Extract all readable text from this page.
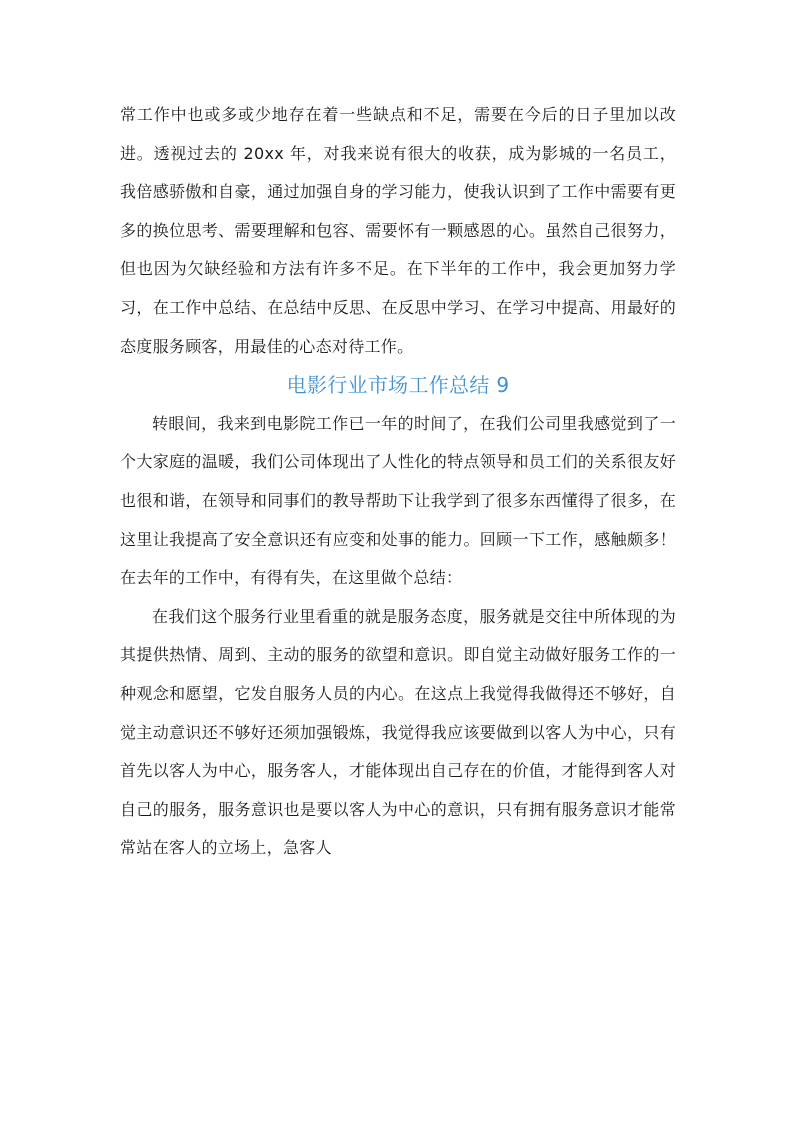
常工作中也或多或少地存在着一些缺点和不足，需要在今后的日子里加以改进。透视过去的 20xx 年，对我来说有很大的收获，成为影城的一名员工，我倍感骄傲和自豪，通过加强自身的学习能力，使我认识到了工作中需要有更多的换位思考、需要理解和包容、需要怀有一颗感恩的心。虽然自己很努力，但也因为欠缺经验和方法有许多不足。在下半年的工作中，我会更加努力学习，在工作中总结、在总结中反思、在反思中学习、在学习中提高、用最好的态度服务顾客，用最佳的心态对待工作。

电影行业市场工作总结 9

转眼间，我来到电影院工作已一年的时间了，在我们公司里我感觉到了一个大家庭的温暖，我们公司体现出了人性化的特点领导和员工们的关系很友好也很和谐，在领导和同事们的教导帮助下让我学到了很多东西懂得了很多，在这里让我提高了安全意识还有应变和处事的能力。回顾一下工作，感触颇多！在去年的工作中，有得有失，在这里做个总结：

在我们这个服务行业里看重的就是服务态度，服务就是交往中所体现的为其提供热情、周到、主动的服务的欲望和意识。即自觉主动做好服务工作的一种观念和愿望，它发自服务人员的内心。在这点上我觉得我做得还不够好，自觉主动意识还不够好还须加强锻炼，我觉得我应该要做到以客人为中心，只有首先以客人为中心，服务客人，才能体现出自己存在的价值，才能得到客人对自己的服务，服务意识也是要以客人为中心的意识，只有拥有服务意识才能常常站在客人的立场上，急客人
